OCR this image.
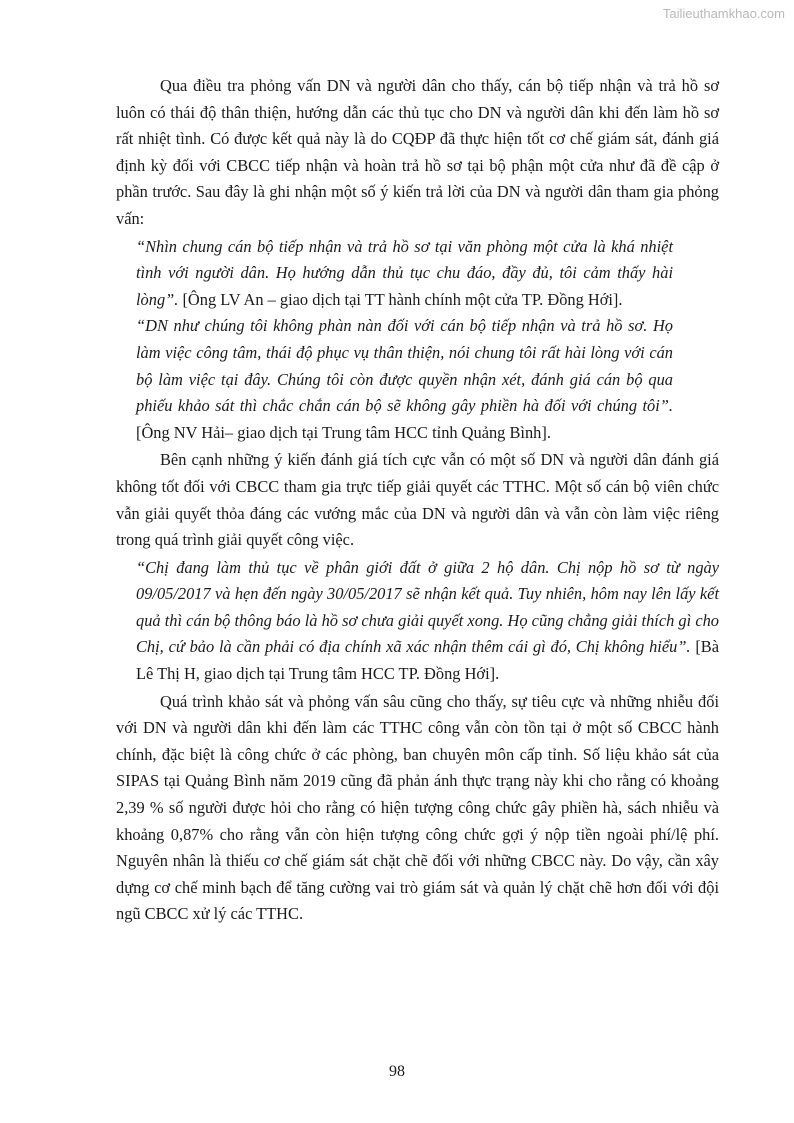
Tailieuthamkhao.com

Qua điều tra phỏng vấn DN và người dân cho thấy, cán bộ tiếp nhận và trả hồ sơ luôn có thái độ thân thiện, hướng dẫn các thủ tục cho DN và người dân khi đến làm hồ sơ rất nhiệt tình. Có được kết quả này là do CQĐP đã thực hiện tốt cơ chế giám sát, đánh giá định kỳ đối với CBCC tiếp nhận và hoàn trả hồ sơ tại bộ phận một cửa như đã đề cập ở phần trước. Sau đây là ghi nhận một số ý kiến trả lời của DN và người dân tham gia phỏng vấn:

“Nhìn chung cán bộ tiếp nhận và trả hồ sơ tại văn phòng một cửa là khá nhiệt tình với người dân. Họ hướng dẫn thủ tục chu đáo, đầy đủ, tôi cảm thấy hài lòng”. [Ông LV An – giao dịch tại TT hành chính một cửa TP. Đồng Hới].

“DN như chúng tôi không phàn nàn đối với cán bộ tiếp nhận và trả hồ sơ. Họ làm việc công tâm, thái độ phục vụ thân thiện, nói chung tôi rất hài lòng với cán bộ làm việc tại đây. Chúng tôi còn được quyền nhận xét, đánh giá cán bộ qua phiếu khảo sát thì chắc chắn cán bộ sẽ không gây phiền hà đối với chúng tôi”. [Ông NV Hải– giao dịch tại Trung tâm HCC tỉnh Quảng Bình].

Bên cạnh những ý kiến đánh giá tích cực vẫn có một số DN và người dân đánh giá không tốt đối với CBCC tham gia trực tiếp giải quyết các TTHC. Một số cán bộ viên chức vẫn giải quyết thỏa đáng các vướng mắc của DN và người dân và vẫn còn làm việc riêng trong quá trình giải quyết công việc.

“Chị đang làm thủ tục về phân giới đất ở giữa 2 hộ dân. Chị nộp hồ sơ từ ngày 09/05/2017 và hẹn đến ngày 30/05/2017 sẽ nhận kết quả. Tuy nhiên, hôm nay lên lấy kết quả thì cán bộ thông báo là hồ sơ chưa giải quyết xong. Họ cũng chẳng giải thích gì cho Chị, cứ bảo là cần phải có địa chính xã xác nhận thêm cái gì đó, Chị không hiểu”. [Bà Lê Thị H, giao dịch tại Trung tâm HCC TP. Đồng Hới].

Quá trình khảo sát và phỏng vấn sâu cũng cho thấy, sự tiêu cực và những nhiễu đối với DN và người dân khi đến làm các TTHC công vẫn còn tồn tại ở một số CBCC hành chính, đặc biệt là công chức ở các phòng, ban chuyên môn cấp tỉnh. Số liệu khảo sát của SIPAS tại Quảng Bình năm 2019 cũng đã phản ánh thực trạng này khi cho rằng có khoảng 2,39 % số người được hỏi cho rằng có hiện tượng công chức gây phiền hà, sách nhiễu và khoảng 0,87% cho rằng vẫn còn hiện tượng công chức gợi ý nộp tiền ngoài phí/lệ phí. Nguyên nhân là thiếu cơ chế giám sát chặt chẽ đối với những CBCC này. Do vậy, cần xây dựng cơ chế minh bạch để tăng cường vai trò giám sát và quản lý chặt chẽ hơn đối với đội ngũ CBCC xử lý các TTHC.

98
